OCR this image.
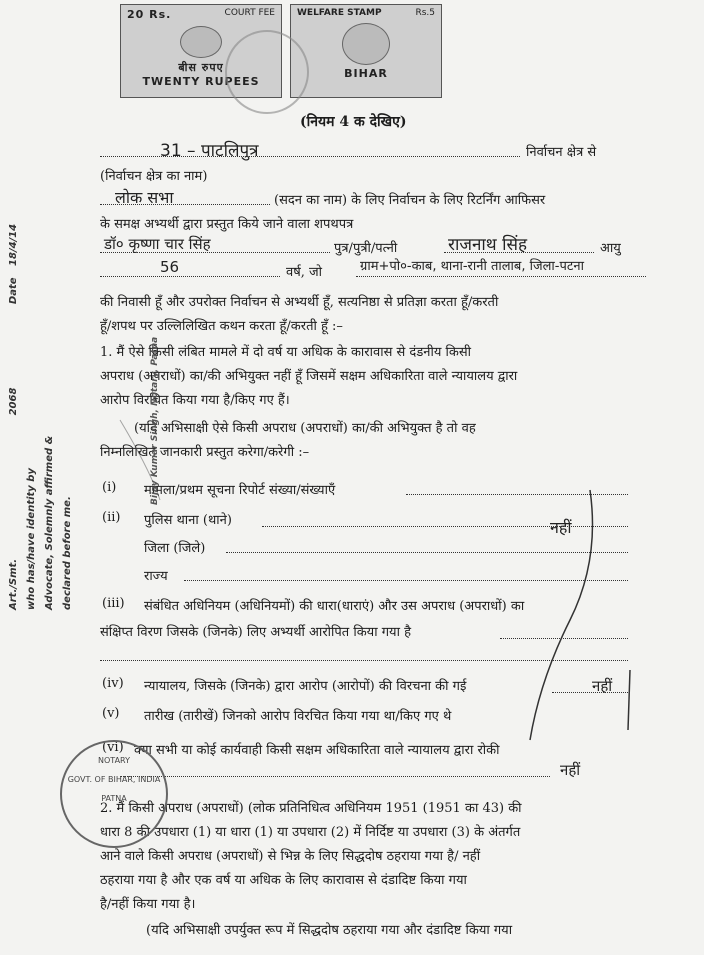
20 Rs.	COURT FEE
बीस रुपए
TWENTY RUPEES
WELFARE STAMP	Rs.5
BIHAR
(नियम 4 क देखिए)
31 – पाटलिपुत्र	निर्वाचन क्षेत्र से
(निर्वाचन क्षेत्र का नाम)
लोक सभा	(सदन का नाम) के लिए निर्वाचन के लिए रिटर्निंग आफिसर
के समक्ष अभ्यर्थी द्वारा प्रस्तुत किये जाने वाला शपथपत्र
डॉ० कृष्णा चार सिंह	पुत्र/पुत्री/पत्नी	राजनाथ सिंह	आयु
56	वर्ष, जो	ग्राम+पो०-काब, थाना-रानी तालाब, जिला-पटना
की निवासी हूँ और उपरोक्त निर्वाचन से अभ्यर्थी हूँ, सत्यनिष्ठा से प्रतिज्ञा करता हूँ/करती
हूँ/शपथ पर उल्लिलिखित कथन करता हूँ/करती हूँ :–
1. मैं ऐसे किसी लंबित मामले में दो वर्ष या अधिक के कारावास से दंडनीय किसी
अपराध (अपराधों) का/की अभियुक्त नहीं हूँ जिसमें सक्षम अधिकारिता वाले न्यायालय द्वारा
आरोप विरचित किया गया है/किए गए हैं।
(यदि अभिसाक्षी ऐसे किसी अपराध (अपराधों) का/की अभियुक्त है तो वह
निम्नलिखित जानकारी प्रस्तुत करेगा/करेगी :–
(i) मामला/प्रथम सूचना रिपोर्ट संख्या/संख्याएँ
(ii) पुलिस थाना (थाने)	नहीं
जिला (जिले)
राज्य
(iii) संबंधित अधिनियम (अधिनियमों) की धारा(धाराएं) और उस अपराध (अपराधों) का
संक्षिप्त विरण जिसके (जिनके) लिए अभ्यर्थी आरोपित किया गया है
(iv) न्यायालय, जिसके (जिनके) द्वारा आरोप (आरोपों) की विरचना की गई	नहीं
(v) तारीख (तारीखें) जिनको आरोप विरचित किया गया था/किए गए थे
(vi) क्या सभी या कोई कार्यवाही किसी सक्षम अधिकारिता वाले न्यायालय द्वारा रोकी
नहीं
2. मैं किसी अपराध (अपराधों) (लोक प्रतिनिधित्व अधिनियम 1951 (1951 का 43) की
धारा 8 की उपधारा (1) या धारा (1) या उपधारा (2) में निर्दिष्ट या उपधारा (3) के अंतर्गत
आने वाले किसी अपराध (अपराधों) से भिन्न के लिए सिद्धदोष ठहराया गया है/ नहीं
ठहराया गया है और एक वर्ष या अधिक के लिए कारावास से दंडादिष्ट किया गया
है/नहीं किया गया है।
(यदि अभिसाक्षी उपर्युक्त रूप में सिद्धदोष ठहराया गया और दंडादिष्ट किया गया
Art./Smt. 2068 Date 18/4/14
who has/have identity by Advocate, Solemnly affirmed & declared before me.
Bijay Kumar Singh, Notary, Patna
NOTARY
GOVT. OF BIHAR, INDIA
PATNA
